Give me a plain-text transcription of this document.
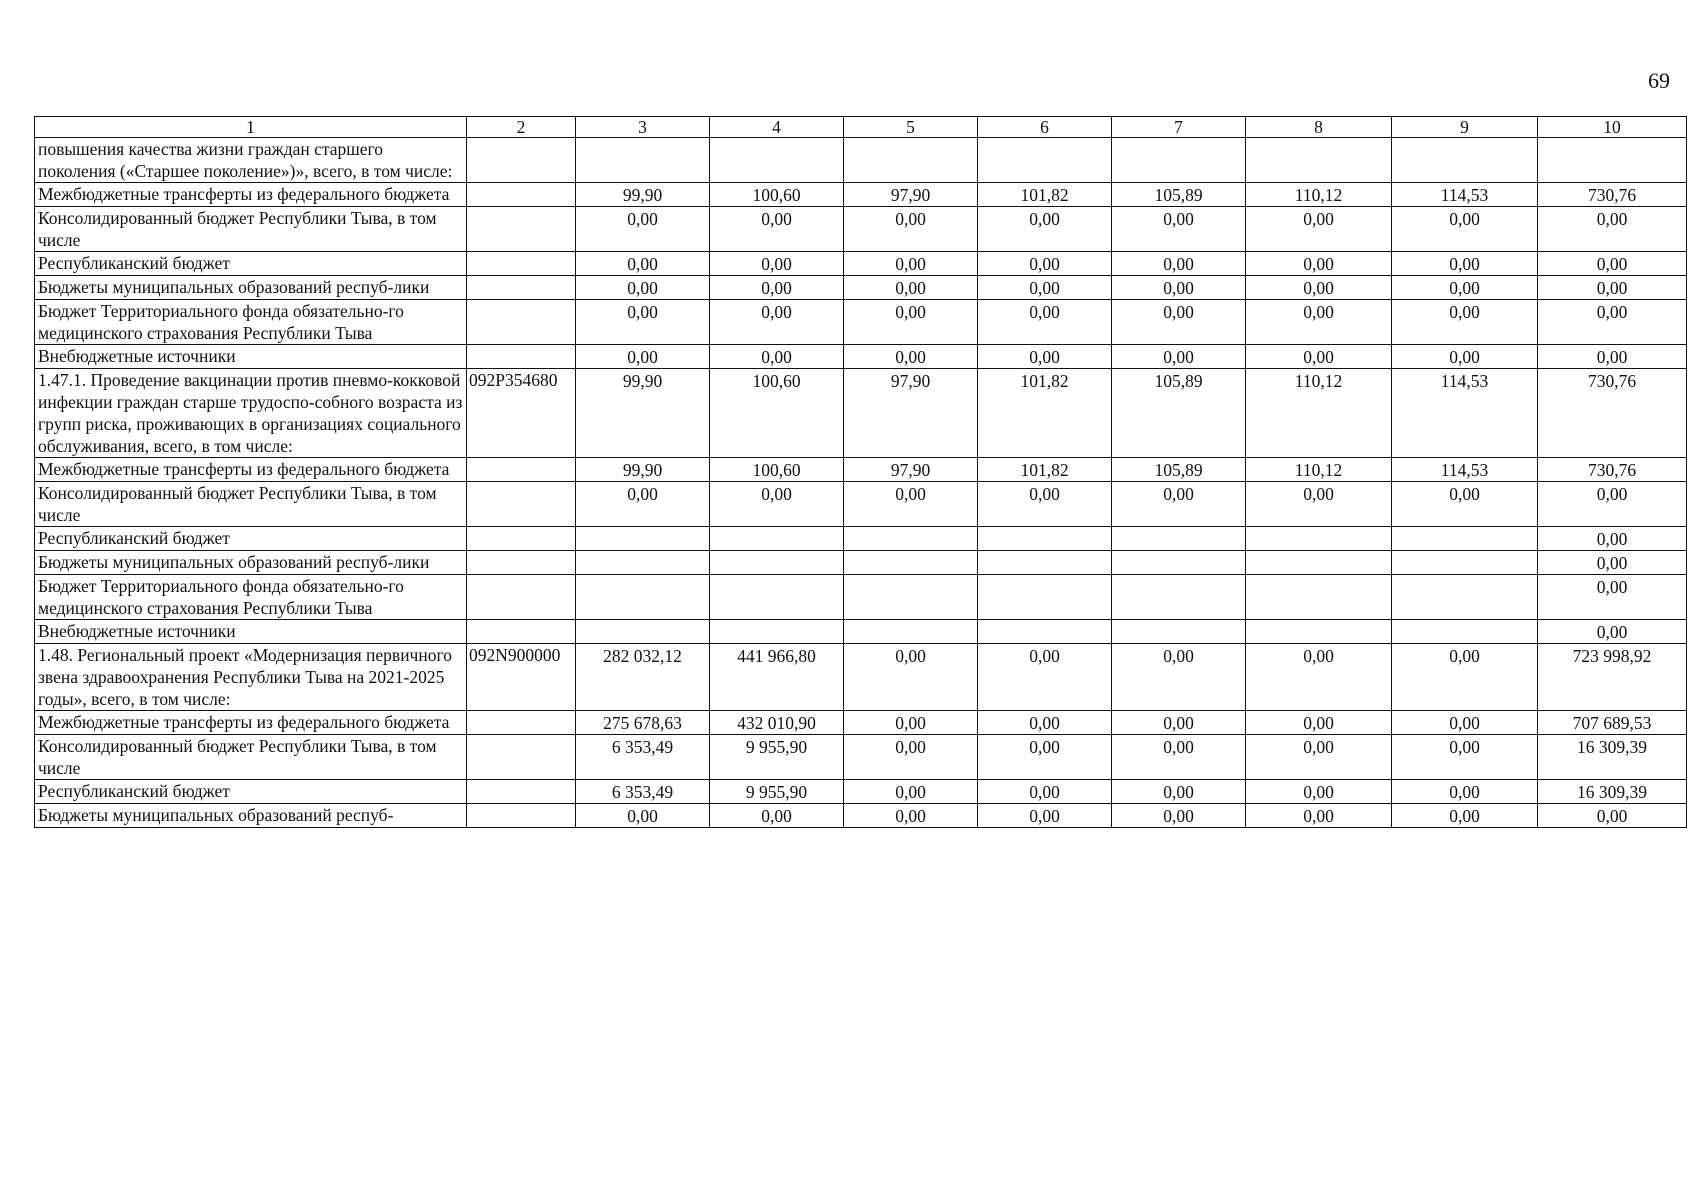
69
1	2	3	4	5	6	7	8	9	10
повышения качества жизни граждан старшего поколения («Старшее поколение»)», всего, в том числе:									
Межбюджетные трансферты из федерального бюджета		99,90	100,60	97,90	101,82	105,89	110,12	114,53	730,76
Консолидированный бюджет Республики Тыва, в том числе		0,00	0,00	0,00	0,00	0,00	0,00	0,00	0,00
Республиканский бюджет		0,00	0,00	0,00	0,00	0,00	0,00	0,00	0,00
Бюджеты муниципальных образований респуб-лики		0,00	0,00	0,00	0,00	0,00	0,00	0,00	0,00
Бюджет Территориального фонда обязательно-го медицинского страхования Республики Тыва		0,00	0,00	0,00	0,00	0,00	0,00	0,00	0,00
Внебюджетные источники		0,00	0,00	0,00	0,00	0,00	0,00	0,00	0,00
1.47.1. Проведение вакцинации против пневмо-кокковой инфекции граждан старше трудоспо-собного возраста из групп риска, проживающих в организациях социального обслуживания, всего, в том числе:	092P354680	99,90	100,60	97,90	101,82	105,89	110,12	114,53	730,76
Межбюджетные трансферты из федерального бюджета		99,90	100,60	97,90	101,82	105,89	110,12	114,53	730,76
Консолидированный бюджет Республики Тыва, в том числе		0,00	0,00	0,00	0,00	0,00	0,00	0,00	0,00
Республиканский бюджет									0,00
Бюджеты муниципальных образований респуб-лики									0,00
Бюджет Территориального фонда обязательно-го медицинского страхования Республики Тыва									0,00
Внебюджетные источники									0,00
1.48. Региональный проект «Модернизация первичного звена здравоохранения Республики Тыва на 2021-2025 годы», всего, в том числе:	092N900000	282 032,12	441 966,80	0,00	0,00	0,00	0,00	0,00	723 998,92
Межбюджетные трансферты из федерального бюджета		275 678,63	432 010,90	0,00	0,00	0,00	0,00	0,00	707 689,53
Консолидированный бюджет Республики Тыва, в том числе		6 353,49	9 955,90	0,00	0,00	0,00	0,00	0,00	16 309,39
Республиканский бюджет		6 353,49	9 955,90	0,00	0,00	0,00	0,00	0,00	16 309,39
Бюджеты муниципальных образований респуб-		0,00	0,00	0,00	0,00	0,00	0,00	0,00	0,00
